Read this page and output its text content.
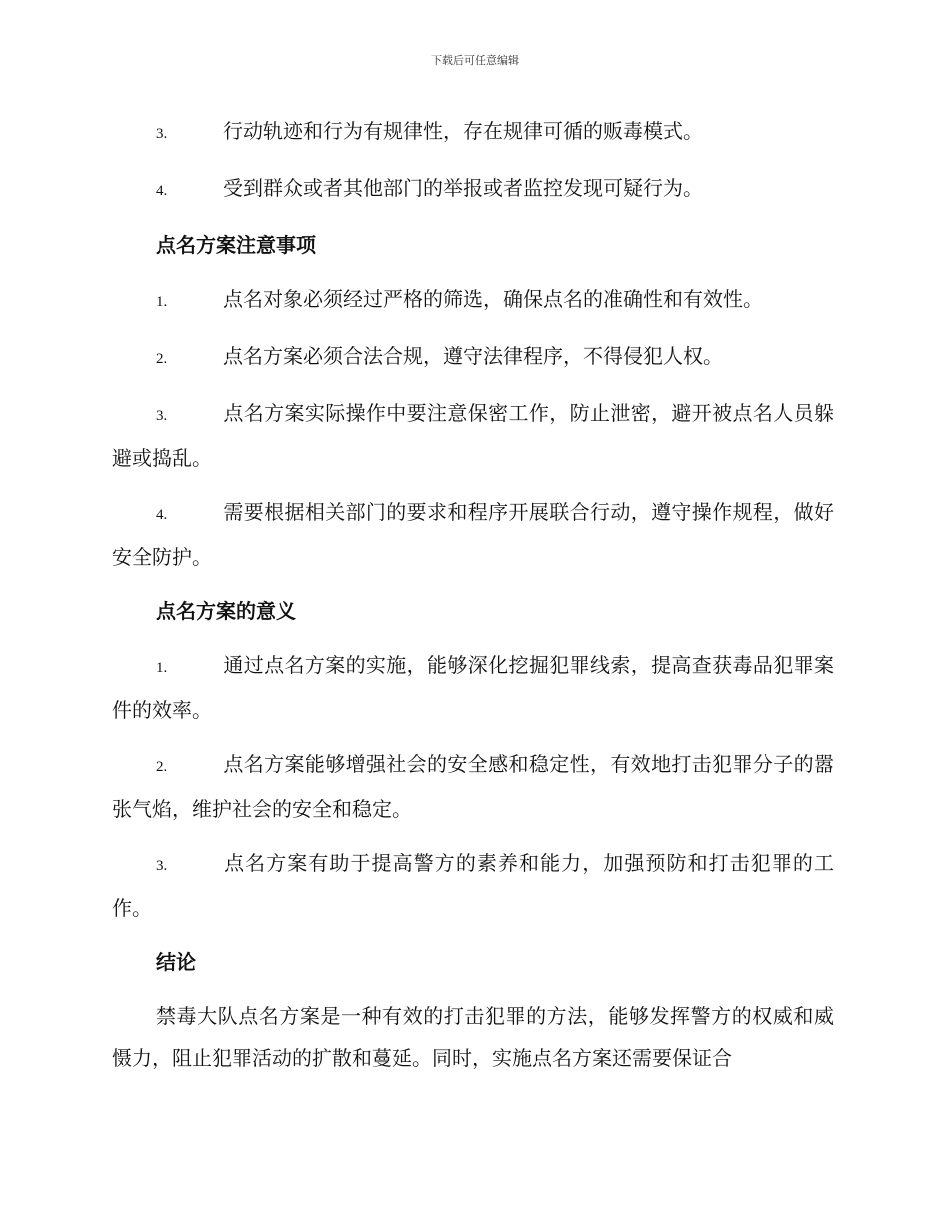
下载后可任意编辑
3.	行动轨迹和行为有规律性，存在规律可循的贩毒模式。
4.	受到群众或者其他部门的举报或者监控发现可疑行为。
点名方案注意事项
1.	点名对象必须经过严格的筛选，确保点名的准确性和有效性。
2.	点名方案必须合法合规，遵守法律程序，不得侵犯人权。
3.	点名方案实际操作中要注意保密工作，防止泄密，避开被点名人员躲避或捣乱。
4.	需要根据相关部门的要求和程序开展联合行动，遵守操作规程，做好安全防护。
点名方案的意义
1.	通过点名方案的实施，能够深化挖掘犯罪线索，提高查获毒品犯罪案件的效率。
2.	点名方案能够增强社会的安全感和稳定性，有效地打击犯罪分子的嚣张气焰，维护社会的安全和稳定。
3.	点名方案有助于提高警方的素养和能力，加强预防和打击犯罪的工作。
结论
禁毒大队点名方案是一种有效的打击犯罪的方法，能够发挥警方的权威和威慑力，阻止犯罪活动的扩散和蔓延。同时，实施点名方案还需要保证合
